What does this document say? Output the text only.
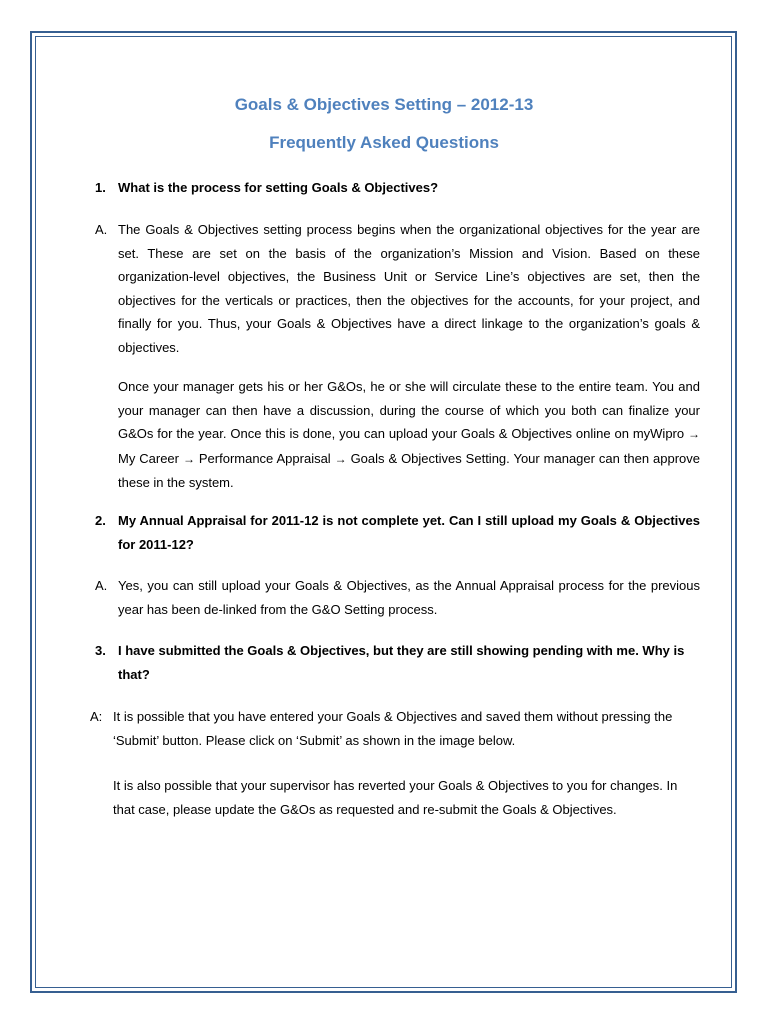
Goals & Objectives Setting – 2012-13
Frequently Asked Questions
1. What is the process for setting Goals & Objectives?
A. The Goals & Objectives setting process begins when the organizational objectives for the year are set. These are set on the basis of the organization’s Mission and Vision. Based on these organization-level objectives, the Business Unit or Service Line’s objectives are set, then the objectives for the verticals or practices, then the objectives for the accounts, for your project, and finally for you. Thus, your Goals & Objectives have a direct linkage to the organization’s goals & objectives.
Once your manager gets his or her G&Os, he or she will circulate these to the entire team. You and your manager can then have a discussion, during the course of which you both can finalize your G&Os for the year. Once this is done, you can upload your Goals & Objectives online on myWipro → My Career → Performance Appraisal → Goals & Objectives Setting. Your manager can then approve these in the system.
2. My Annual Appraisal for 2011-12 is not complete yet. Can I still upload my Goals & Objectives for 2011-12?
A. Yes, you can still upload your Goals & Objectives, as the Annual Appraisal process for the previous year has been de-linked from the G&O Setting process.
3. I have submitted the Goals & Objectives, but they are still showing pending with me. Why is that?
A: It is possible that you have entered your Goals & Objectives and saved them without pressing the ‘Submit’ button. Please click on ‘Submit’ as shown in the image below.
It is also possible that your supervisor has reverted your Goals & Objectives to you for changes. In that case, please update the G&Os as requested and re-submit the Goals & Objectives.
